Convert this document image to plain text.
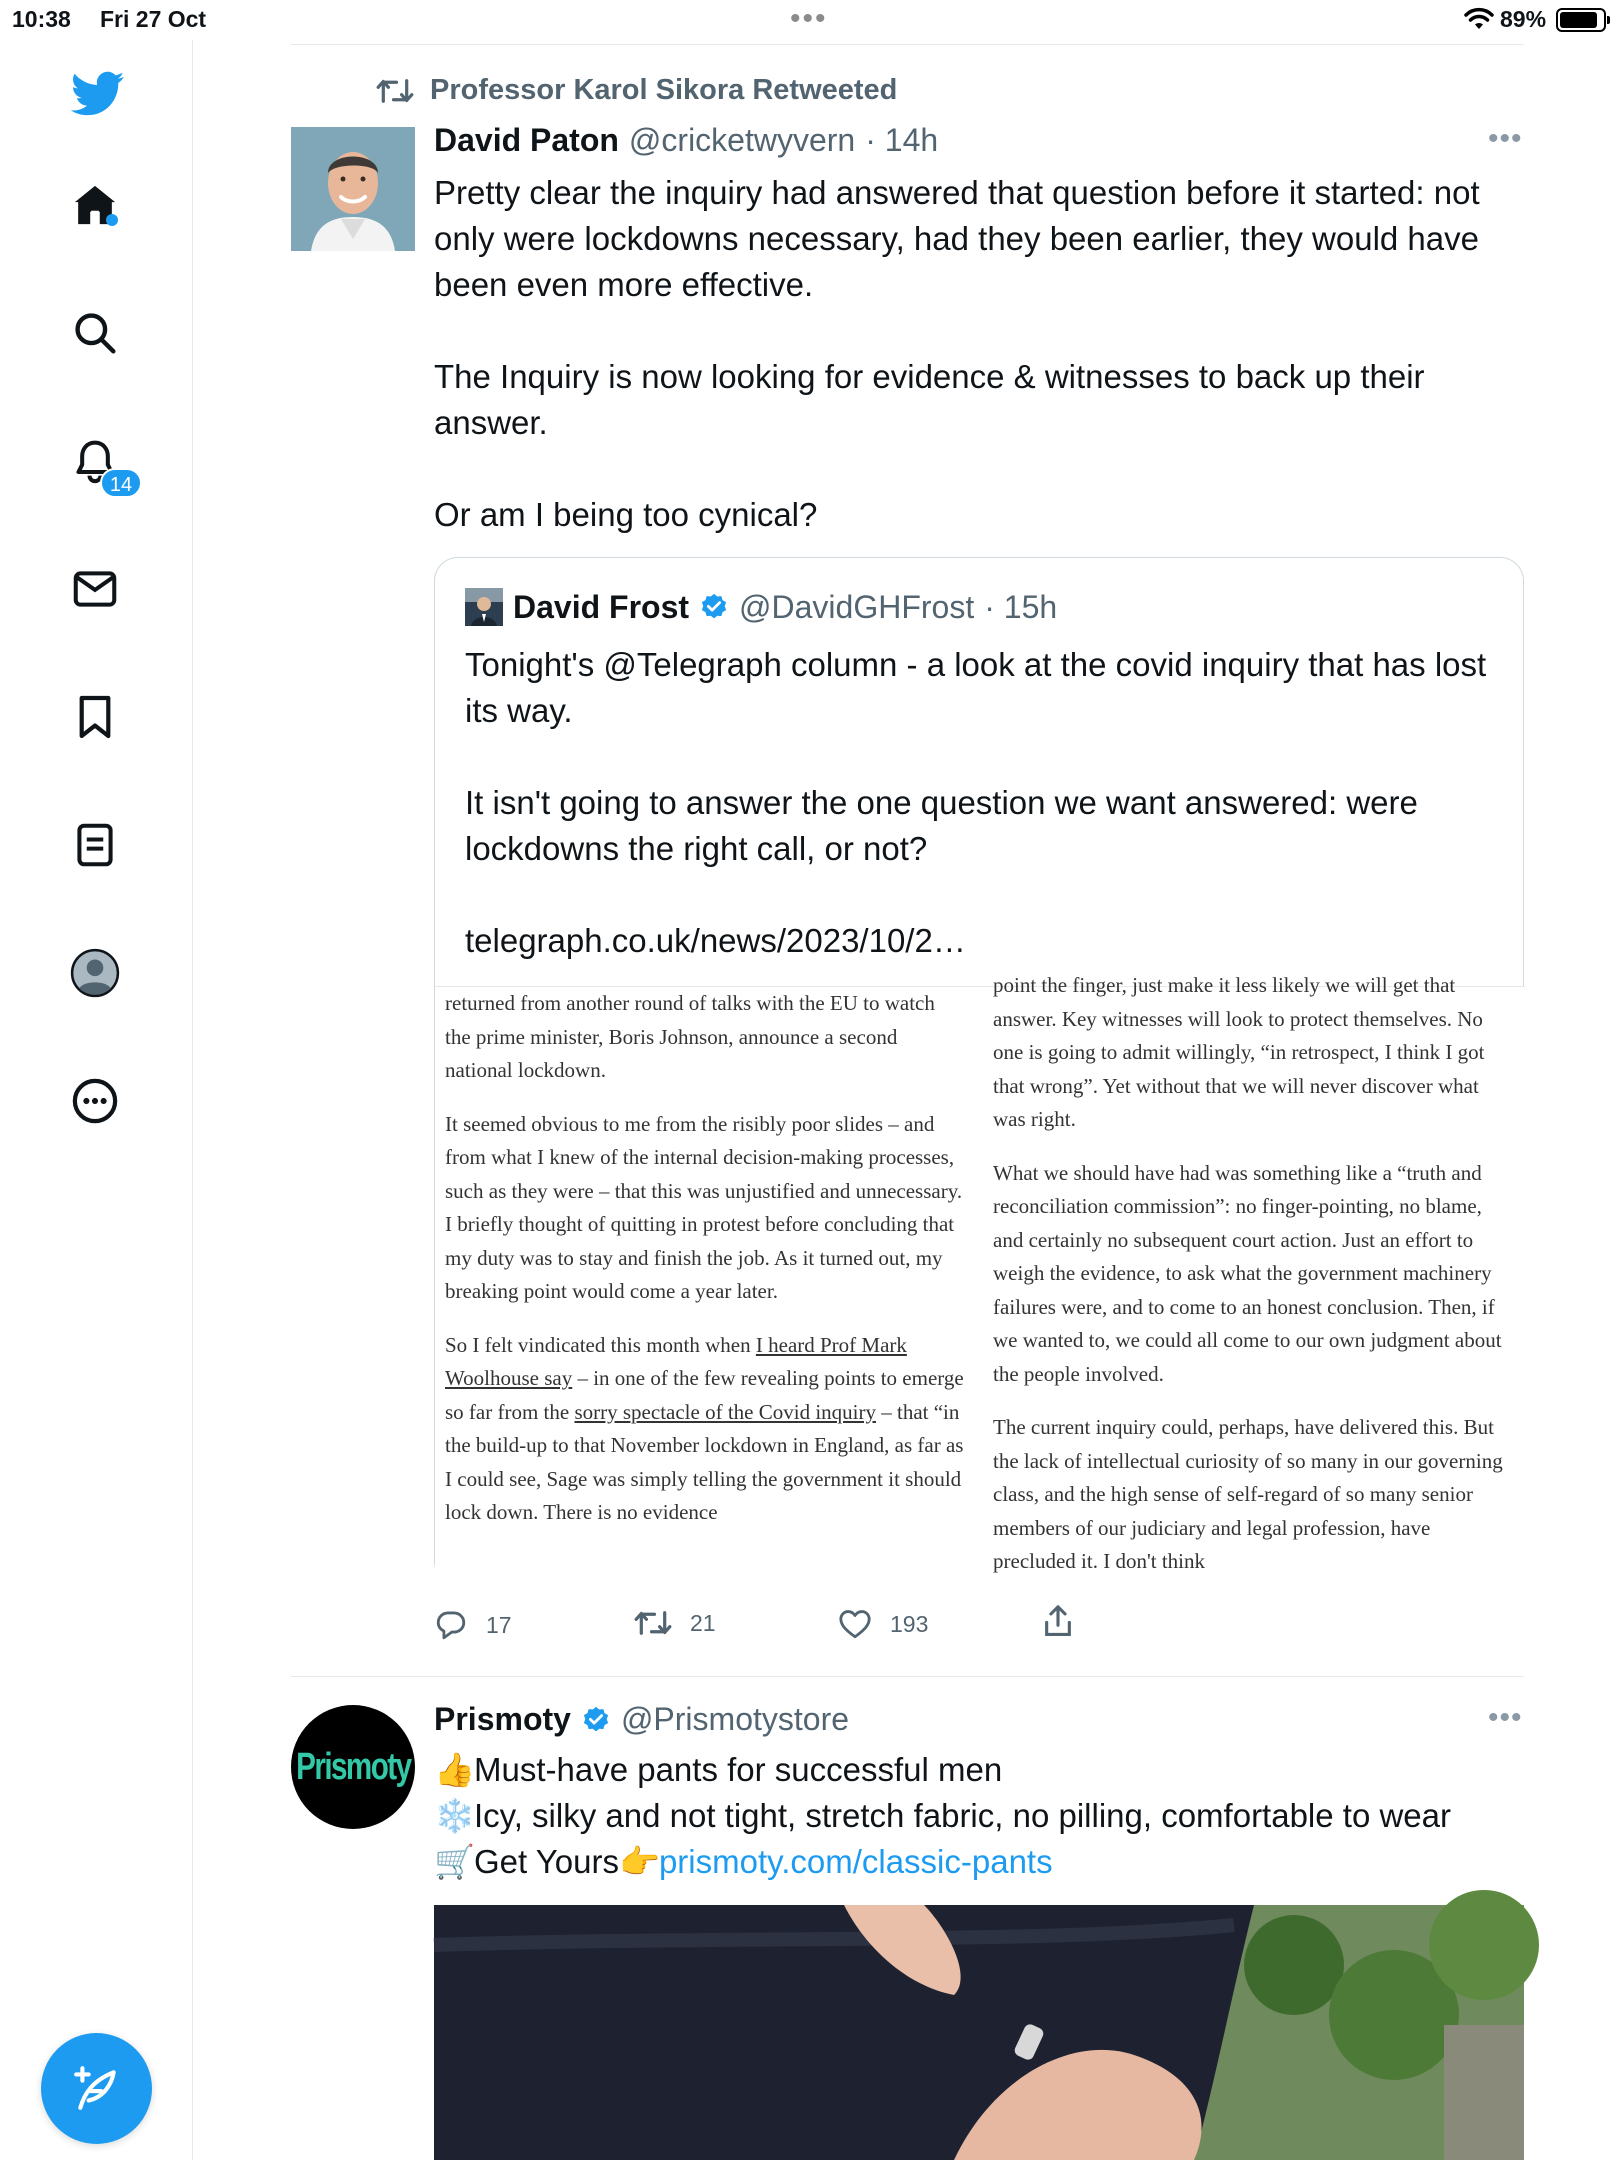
10:38 Fri 27 Oct	•••	89%
14
Professor Karol Sikora Retweeted
David Paton @cricketwyvern · 14h	•••

Pretty clear the inquiry had answered that question before it started: not only were lockdowns necessary, had they been earlier, they would have been even more effective.

The Inquiry is now looking for evidence & witnesses to back up their answer.

Or am I being too cynical?

David Frost @DavidGHFrost · 15h

Tonight's @Telegraph column - a look at the covid inquiry that has lost its way.

It isn't going to answer the one question we want answered: were lockdowns the right call, or not?

telegraph.co.uk/news/2023/10/2…

returned from another round of talks with the EU to watch the prime minister, Boris Johnson, announce a second national lockdown.

It seemed obvious to me from the risibly poor slides – and from what I knew of the internal decision-making processes, such as they were – that this was unjustified and unnecessary. I briefly thought of quitting in protest before concluding that my duty was to stay and finish the job. As it turned out, my breaking point would come a year later.

So I felt vindicated this month when I heard Prof Mark Woolhouse say – in one of the few revealing points to emerge so far from the sorry spectacle of the Covid inquiry – that “in the build-up to that November lockdown in England, as far as I could see, Sage was simply telling the government it should lock down. There is no evidence

point the finger, just make it less likely we will get that answer. Key witnesses will look to protect themselves. No one is going to admit willingly, “in retrospect, I think I got that wrong”. Yet without that we will never discover what was right.

What we should have had was something like a “truth and reconciliation commission”: no finger-pointing, no blame, and certainly no subsequent court action. Just an effort to weigh the evidence, to ask what the government machinery failures were, and to come to an honest conclusion. Then, if we wanted to, we could all come to our own judgment about the people involved.

The current inquiry could, perhaps, have delivered this. But the lack of intellectual curiosity of so many in our governing class, and the high sense of self-regard of so many senior members of our judiciary and legal profession, have precluded it. I don't think

17	21	193
Prismoty
Prismoty @Prismotystore	•••

👍Must-have pants for successful men

❄️Icy, silky and not tight, stretch fabric, no pilling, comfortable to wear

🛒Get Yours👉prismoty.com/classic-pants
